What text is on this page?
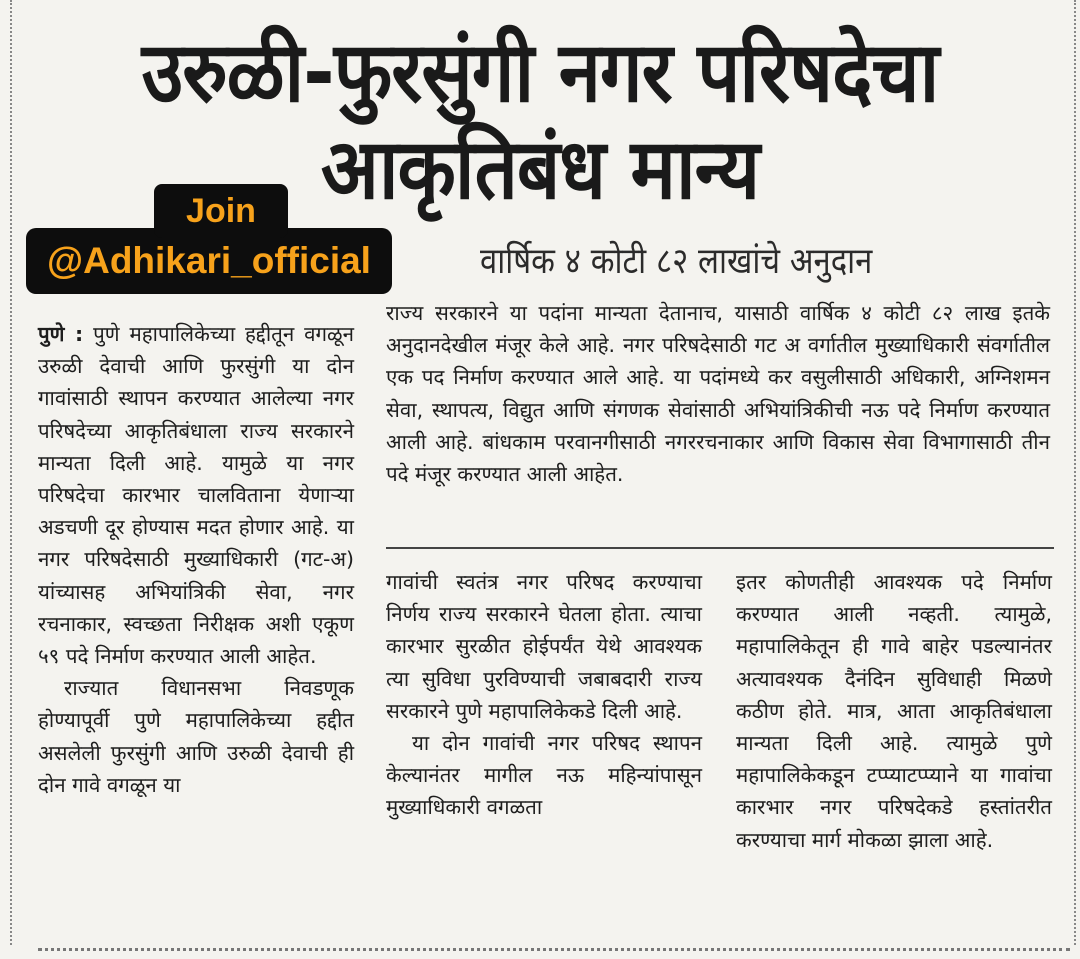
उरुळी-फुरसुंगी नगर परिषदेचा
आकृतिबंध मान्य
@Adhikari_official
Join
वार्षिक ४ कोटी ८२ लाखांचे अनुदान

पुणे : पुणे महापालिकेच्या हद्दीतून वगळून उरुळी देवाची आणि फुरसुंगी या दोन गावांसाठी स्थापन करण्यात आलेल्या नगर परिषदेच्या आकृतिबंधाला राज्य सरकारने मान्यता दिली आहे. यामुळे या नगर परिषदेचा कारभार चालविताना येणाऱ्या अडचणी दूर होण्यास मदत होणार आहे. या नगर परिषदेसाठी मुख्याधिकारी (गट-अ) यांच्यासह अभियांत्रिकी सेवा, नगर रचनाकार, स्वच्छता निरीक्षक अशी एकूण ५९ पदे निर्माण करण्यात आली आहेत.

राज्यात विधानसभा निवडणूक होण्यापूर्वी पुणे महापालिकेच्या हद्दीत असलेली फुरसुंगी आणि उरुळी देवाची ही दोन गावे वगळून या

राज्य सरकारने या पदांना मान्यता देतानाच, यासाठी वार्षिक ४ कोटी ८२ लाख इतके अनुदानदेखील मंजूर केले आहे. नगर परिषदेसाठी गट अ वर्गातील मुख्याधिकारी संवर्गातील एक पद निर्माण करण्यात आले आहे. या पदांमध्ये कर वसुलीसाठी अधिकारी, अग्निशमन सेवा, स्थापत्य, विद्युत आणि संगणक सेवांसाठी अभियांत्रिकीची नऊ पदे निर्माण करण्यात आली आहे. बांधकाम परवानगीसाठी नगररचनाकार आणि विकास सेवा विभागासाठी तीन पदे मंजूर करण्यात आली आहेत.

गावांची स्वतंत्र नगर परिषद करण्याचा निर्णय राज्य सरकारने घेतला होता. त्याचा कारभार सुरळीत होईपर्यंत येथे आवश्यक त्या सुविधा पुरविण्याची जबाबदारी राज्य सरकारने पुणे महापालिकेकडे दिली आहे.

या दोन गावांची नगर परिषद स्थापन केल्यानंतर मागील नऊ महिन्यांपासून मुख्याधिकारी वगळता

इतर कोणतीही आवश्यक पदे निर्माण करण्यात आली नव्हती. त्यामुळे, महापालिकेतून ही गावे बाहेर पडल्यानंतर अत्यावश्यक दैनंदिन सुविधाही मिळणे कठीण होते. मात्र, आता आकृतिबंधाला मान्यता दिली आहे. त्यामुळे पुणे महापालिकेकडून टप्प्याटप्प्याने या गावांचा कारभार नगर परिषदेकडे हस्तांतरीत करण्याचा मार्ग मोकळा झाला आहे.
